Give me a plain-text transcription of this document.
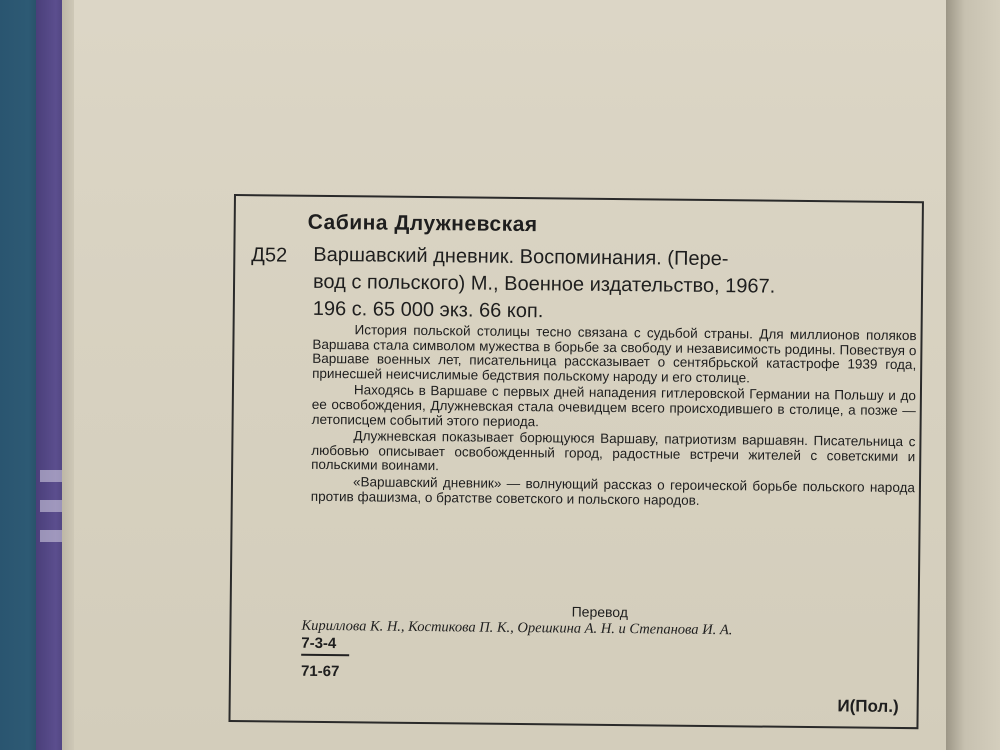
Сабина Длужневская
Д52 Варшавский дневник. Воспоминания. (Пере-
вод с польского) М., Военное издательство, 1967.
196 с. 65 000 экз. 66 коп.

История польской столицы тесно связана с судьбой страны. Для миллионов поляков Варшава стала символом мужества в борьбе за свободу и независимость родины. Повествуя о Варшаве военных лет, писательница рассказывает о сентябрьской катастрофе 1939 года, принесшей неисчислимые бедствия польскому народу и его столице.

Находясь в Варшаве с первых дней нападения гитлеровской Германии на Польшу и до ее освобождения, Длужневская стала очевидцем всего происходившего в столице, а позже — летописцем событий этого периода.

Длужневская показывает борющуюся Варшаву, патриотизм варшавян. Писательница с любовью описывает освобожденный город, радостные встречи жителей с советскими и польскими воинами.

«Варшавский дневник» — волнующий рассказ о героической борьбе польского народа против фашизма, о братстве советского и польского народов.

Перевод
Кириллова К. Н., Костикова П. К., Орешкина А. Н. и Степанова И. А.
7-3-4
71-67
И(Пол.)
